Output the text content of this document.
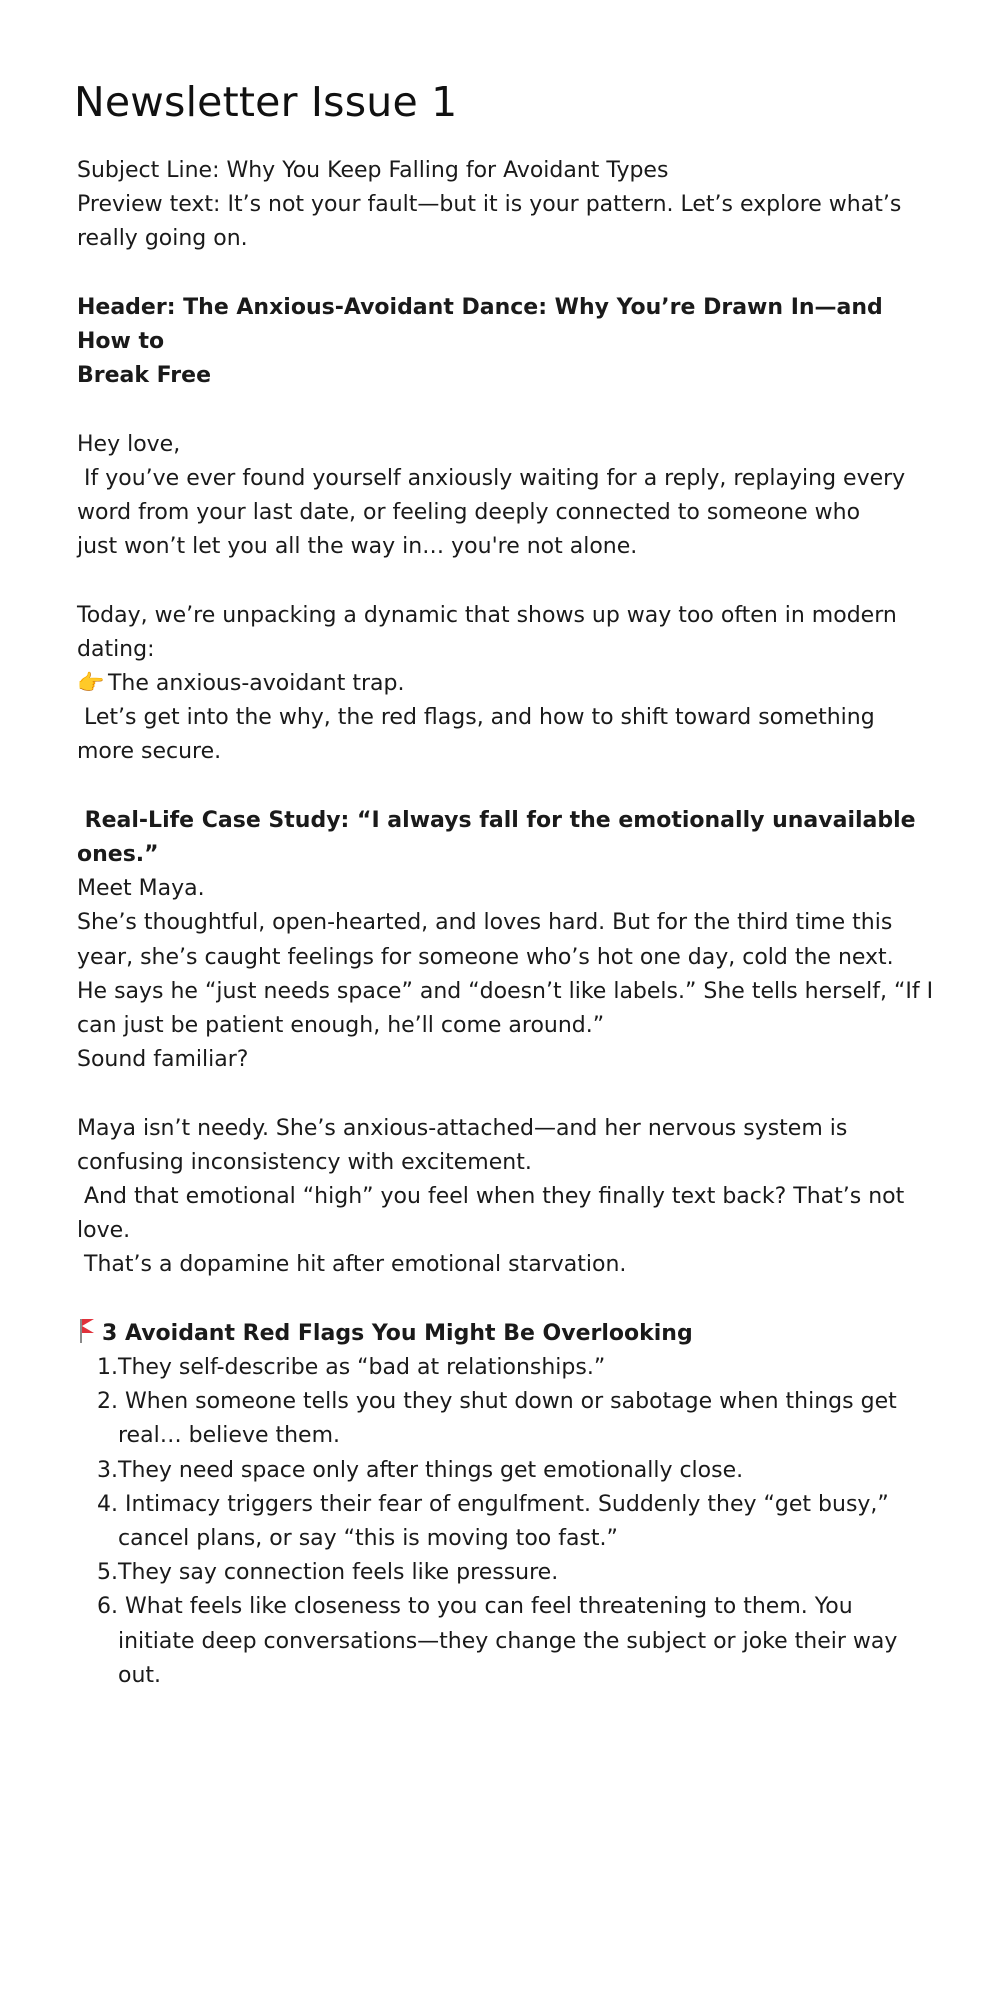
Newsletter Issue 1
Subject Line: Why You Keep Falling for Avoidant Types
Preview text: It’s not your fault—but it is your pattern. Let’s explore what’s
really going on.
Header: The Anxious-Avoidant Dance: Why You’re Drawn In—and How to
Break Free
Hey love,
If you’ve ever found yourself anxiously waiting for a reply, replaying every
word from your last date, or feeling deeply connected to someone who
just won’t let you all the way in… you're not alone.
Today, we’re unpacking a dynamic that shows up way too often in modern
dating:
👉 The anxious-avoidant trap.
Let’s get into the why, the red flags, and how to shift toward something
more secure.
Real-Life Case Study: “I always fall for the emotionally unavailable
ones.”
Meet Maya.
She’s thoughtful, open-hearted, and loves hard. But for the third time this
year, she’s caught feelings for someone who’s hot one day, cold the next.
He says he “just needs space” and “doesn’t like labels.” She tells herself, “If I
can just be patient enough, he’ll come around.”
Sound familiar?
Maya isn’t needy. She’s anxious-attached—and her nervous system is
confusing inconsistency with excitement.
And that emotional “high” you feel when they finally text back? That’s not
love.
That’s a dopamine hit after emotional starvation.
3 Avoidant Red Flags You Might Be Overlooking
1. They self-describe as “bad at relationships.”
2. When someone tells you they shut down or sabotage when things get
real… believe them.
3. They need space only after things get emotionally close.
4. Intimacy triggers their fear of engulfment. Suddenly they “get busy,”
cancel plans, or say “this is moving too fast.”
5. They say connection feels like pressure.
6. What feels like closeness to you can feel threatening to them. You
initiate deep conversations—they change the subject or joke their way
out.
